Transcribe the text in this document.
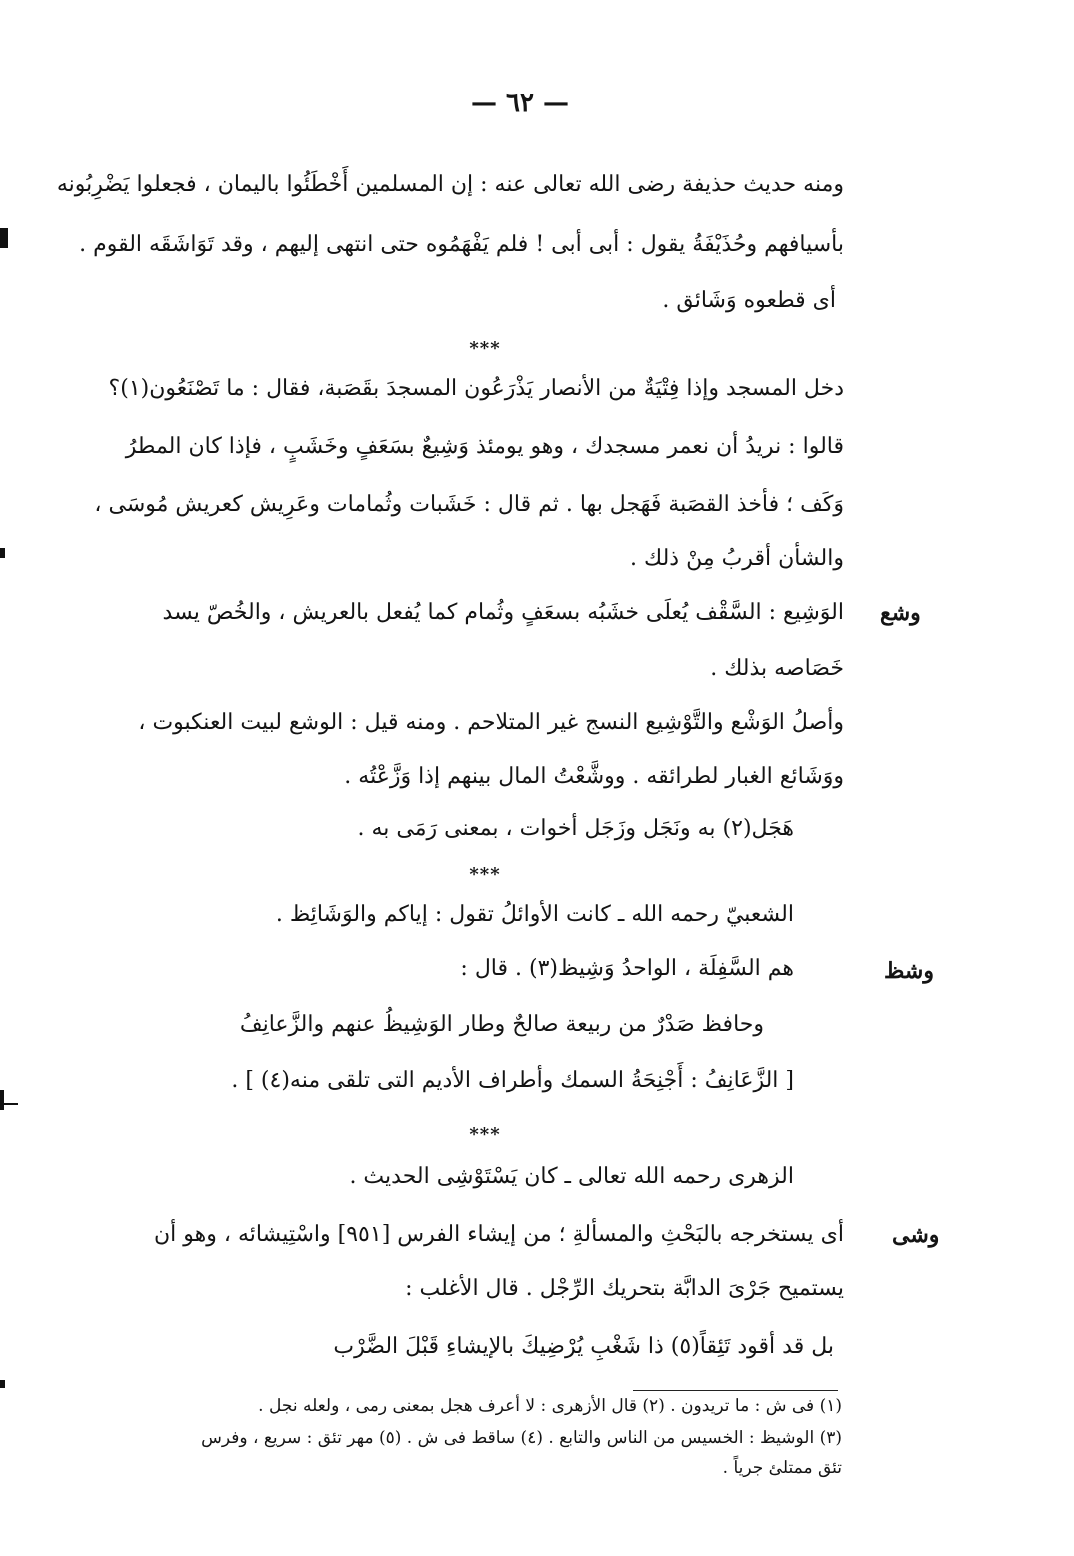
— ٦٢ —
ومنه حديث حذيفة رضى الله تعالى عنه : إن المسلمين أَخْطَئُوا باليمان ، فجعلوا يَضْرِبُونه
بأسيافهم وحُذَيْفَةُ يقول : أبى أبى ! فلم يَفْهَمُوه حتى انتهى إليهم ، وقد تَوَاشَقَه القوم .
أى قطعوه وَشَائق .
***
دخل المسجد وإذا فِتْيَةٌ من الأنصار يَذْرَعُون المسجدَ بقَصَبة، فقال : ما تَصْنَعُون(١)؟
قالوا : نريدُ أن نعمر مسجدك ، وهو يومئذ وَشِيعٌ بسَعَفٍ وخَشَبٍ ، فإذا كان المطرُ
وَكَف ؛ فأخذ القصَبة فَهَجل بها . ثم قال : خَشَبات وثُمامات وعَرِيش كعريش مُوسَى ،
والشأن أقربُ مِنْ ذلك .
وشع
الوَشِيع : السَّقْف يُعلَى خشَبُه بسعَفٍ وثُمام كما يُفعل بالعريش ، والخُصّ يسد
خَصَاصه بذلك .
وأصلُ الوَشْع والتَّوْشِيع النسج غير المتلاحم . ومنه قيل : الوشع لبيت العنكبوت ،
ووَشَائع الغبار لطرائقه . ووشَّعْتُ المال بينهم إذا وَزَّعْتُه .
هَجَل(٢) به ونَجَل وزَجَل أخوات ، بمعنى رَمَى به .
***
الشعبيّ رحمه الله ـ كانت الأوائلُ تقول : إياكم والوَشَائِظ .
وشظ
هم السَّفِلَة ، الواحدُ وَشِيظ(٣) . قال :
وحافظ صَدْرٌ من ربيعة صالحٌ وطار الوَشِيظُ عنهم والزَّعانِفُ
[ الزَّعَانِفُ : أَجْنِحَةُ السمك وأطراف الأديم التى تلقى منه(٤) ] .
***
الزهرى رحمه الله تعالى ـ كان يَسْتَوْشِى الحديث .
وشى
أى يستخرجه بالبَحْثِ والمسألةِ ؛ من إيشاء الفرس [٩٥١] واسْتِيشائه ، وهو أن
يستميح جَرْىَ الدابَّة بتحريك الرِّجْل . قال الأغلب :
بل قد أقود تَئِقاً(٥) ذا شَغْبِ يُرْضِيكَ بالإيشاءِ قَبْلَ الضَّرْب
(١) فى ش : ما تريدون . (٢) قال الأزهرى : لا أعرف هجل بمعنى رمى ، ولعله نجل .
(٣) الوشيظ : الخسيس من الناس والتابع . (٤) ساقط فى ش . (٥) مهر تئق : سريع ، وفرس
تئق ممتلئ جرياً .
